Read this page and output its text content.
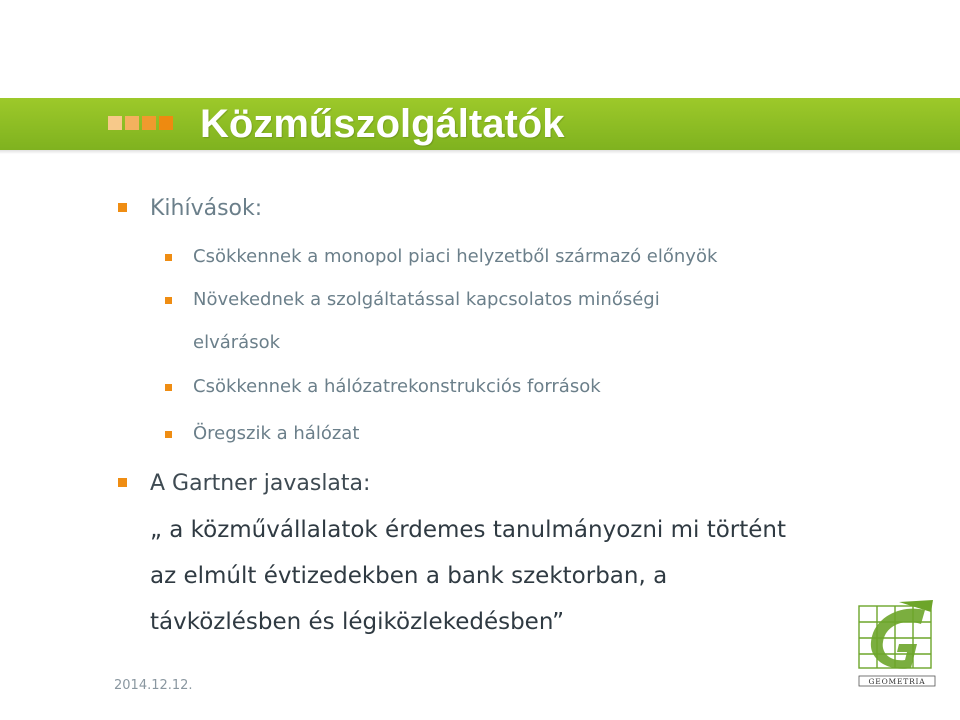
Közműszolgáltatók
Kihívások:
Csökkennek a monopol piaci helyzetből származó előnyök
Növekednek a szolgáltatással kapcsolatos minőségi
elvárások
Csökkennek a hálózatrekonstrukciós források
Öregszik a hálózat
A Gartner javaslata:
„ a közművállalatok érdemes tanulmányozni mi történt
az elmúlt évtizedekben a bank szektorban, a
távközlésben és légiközlekedésben”
2014.12.12.	GEOMETRIA
